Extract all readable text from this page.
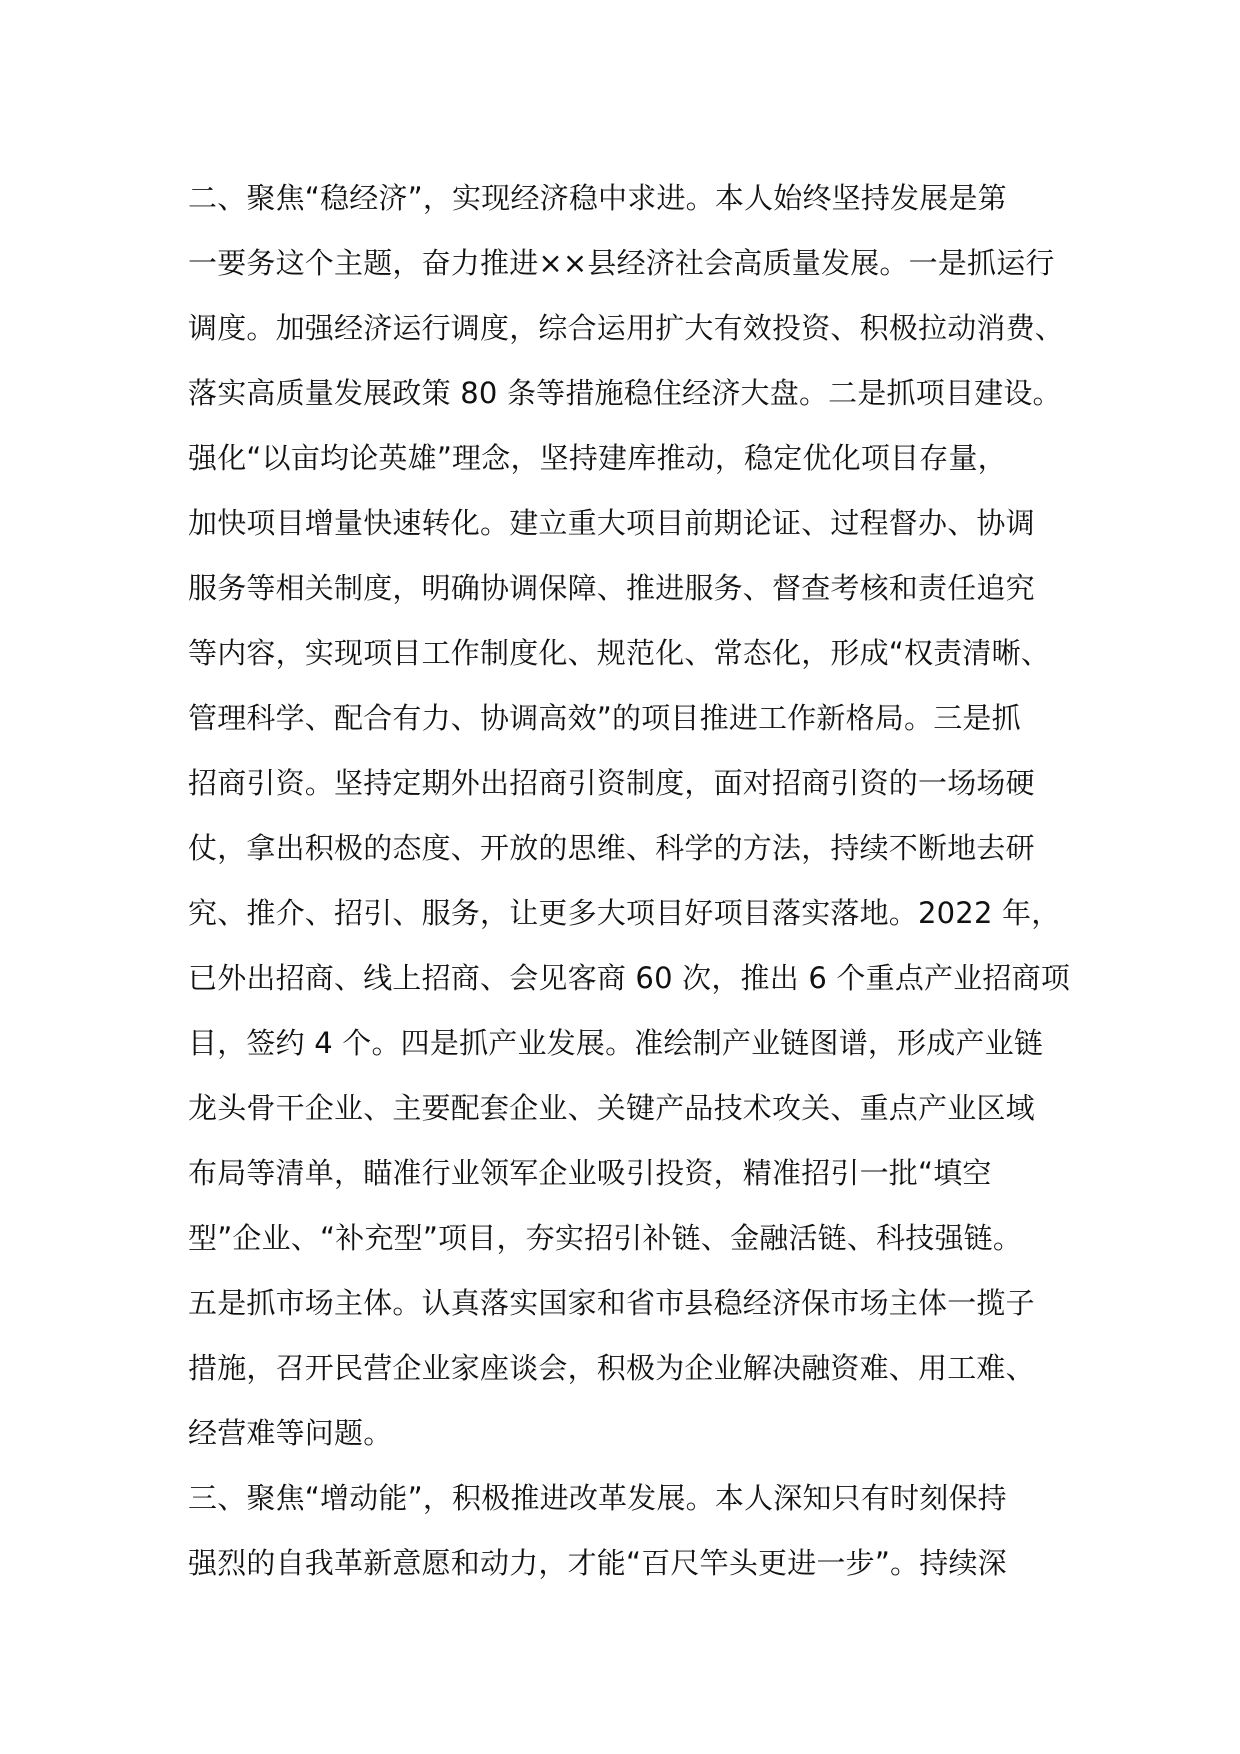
二、聚焦“稳经济”，实现经济稳中求进。本人始终坚持发展是第
一要务这个主题，奋力推进××县经济社会高质量发展。一是抓运行
调度。加强经济运行调度，综合运用扩大有效投资、积极拉动消费、
落实高质量发展政策 80 条等措施稳住经济大盘。二是抓项目建设。
强化“以亩均论英雄”理念，坚持建库推动，稳定优化项目存量，
加快项目增量快速转化。建立重大项目前期论证、过程督办、协调
服务等相关制度，明确协调保障、推进服务、督查考核和责任追究
等内容，实现项目工作制度化、规范化、常态化，形成“权责清晰、
管理科学、配合有力、协调高效”的项目推进工作新格局。三是抓
招商引资。坚持定期外出招商引资制度，面对招商引资的一场场硬
仗，拿出积极的态度、开放的思维、科学的方法，持续不断地去研
究、推介、招引、服务，让更多大项目好项目落实落地。2022 年，
已外出招商、线上招商、会见客商 60 次，推出 6 个重点产业招商项
目，签约 4 个。四是抓产业发展。准绘制产业链图谱，形成产业链
龙头骨干企业、主要配套企业、关键产品技术攻关、重点产业区域
布局等清单，瞄准行业领军企业吸引投资，精准招引一批“填空
型”企业、“补充型”项目，夯实招引补链、金融活链、科技强链。
五是抓市场主体。认真落实国家和省市县稳经济保市场主体一揽子
措施，召开民营企业家座谈会，积极为企业解决融资难、用工难、
经营难等问题。
三、聚焦“增动能”，积极推进改革发展。本人深知只有时刻保持
强烈的自我革新意愿和动力，才能“百尺竿头更进一步”。持续深
